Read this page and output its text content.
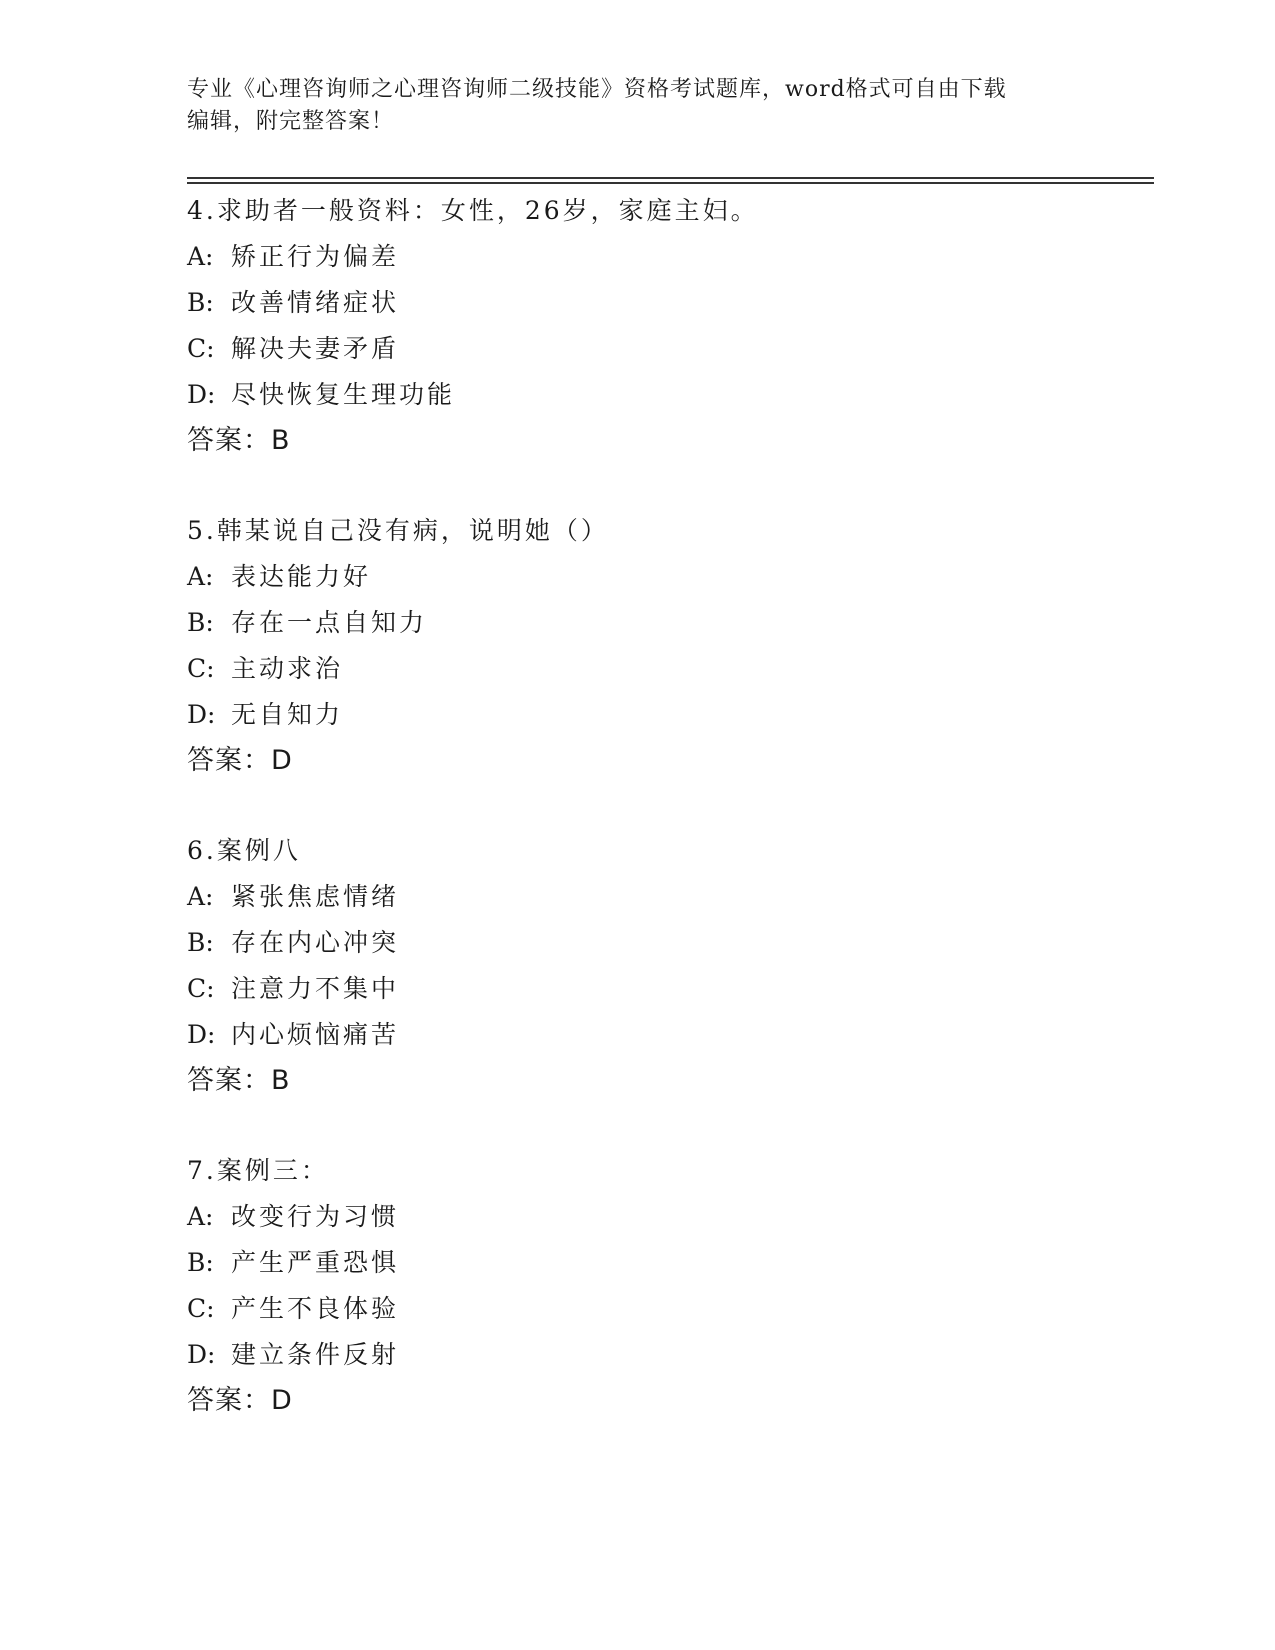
专业《心理咨询师之心理咨询师二级技能》资格考试题库，word格式可自由下载
编辑，附完整答案！
4.求助者一般资料：女性，26岁，家庭主妇。
A: 矫正行为偏差
B: 改善情绪症状
C: 解决夫妻矛盾
D: 尽快恢复生理功能
答案：B
5.韩某说自己没有病，说明她（）
A: 表达能力好
B: 存在一点自知力
C: 主动求治
D: 无自知力
答案：D
6.案例八
A: 紧张焦虑情绪
B: 存在内心冲突
C: 注意力不集中
D: 内心烦恼痛苦
答案：B
7.案例三：
A: 改变行为习惯
B: 产生严重恐惧
C: 产生不良体验
D: 建立条件反射
答案：D
